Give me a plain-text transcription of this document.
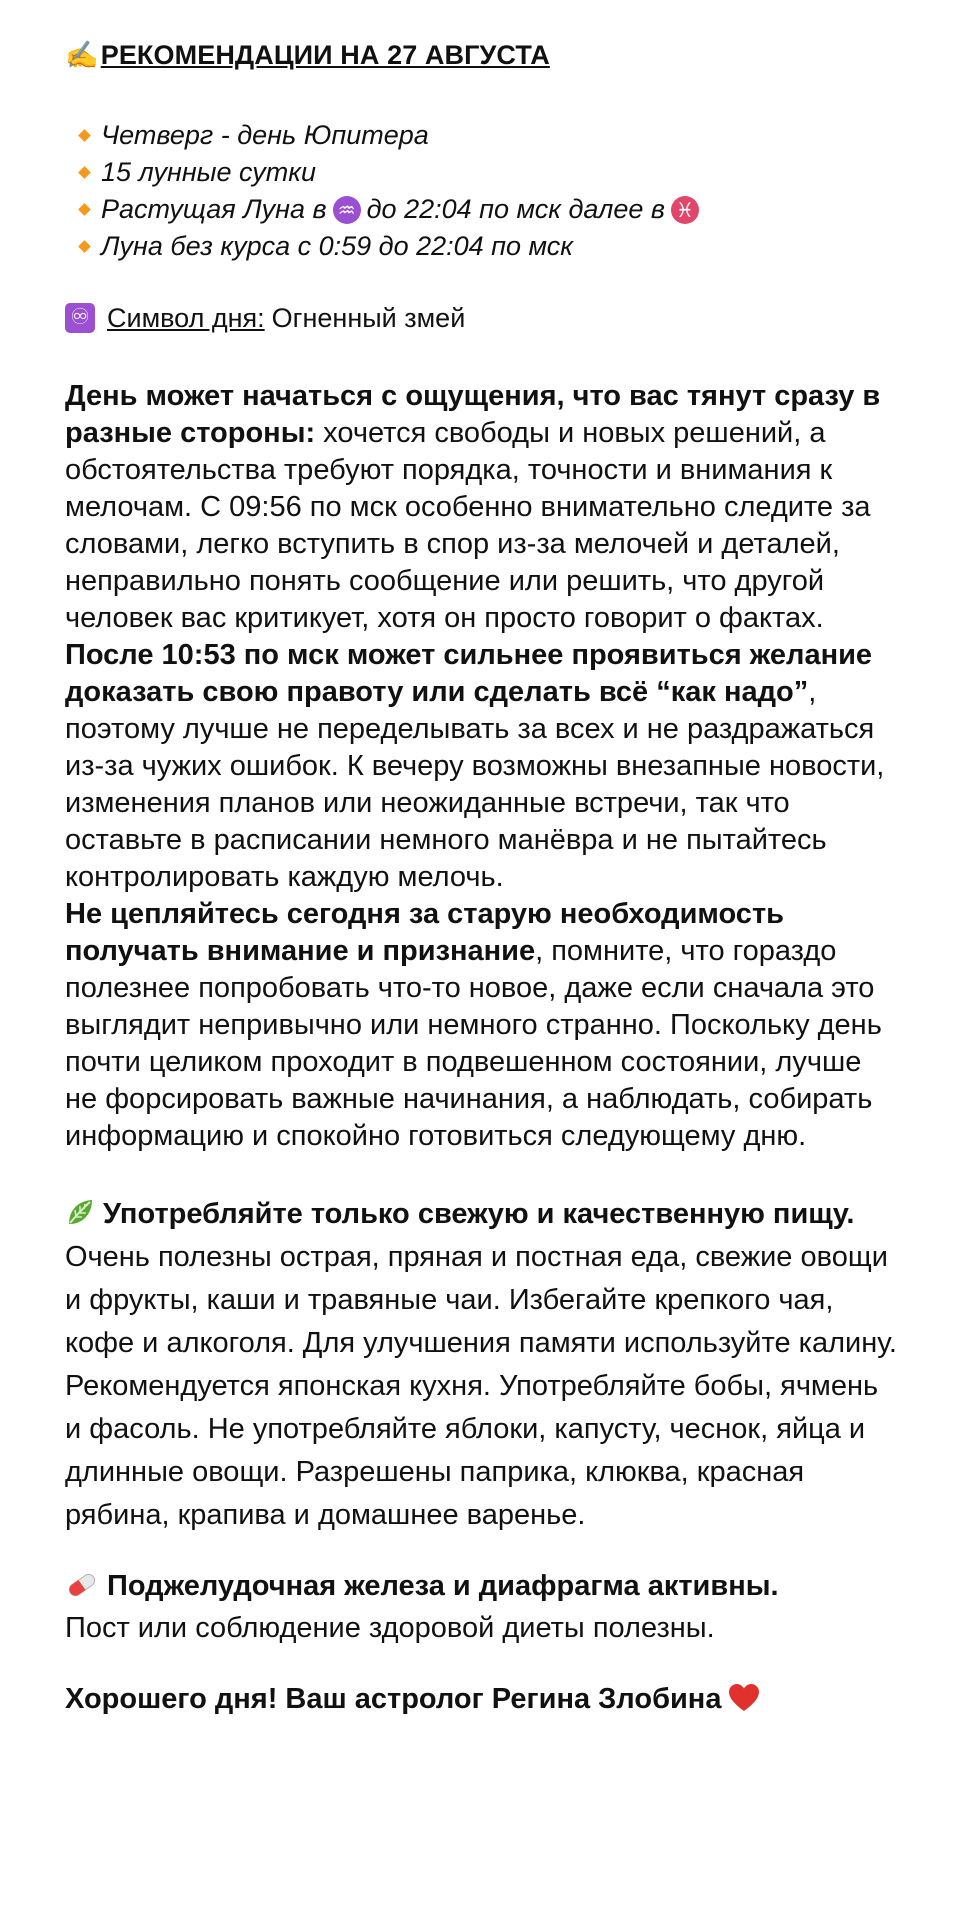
✍️РЕКОМЕНДАЦИИ НА 27 АВГУСТА
Четверг - день Юпитера
15 лунные сутки
Растущая Луна в ♒ до 22:04 по мск далее в ♓
Луна без курса с 0:59 до 22:04 по мск
♾ Символ дня: Огненный змей

День может начаться с ощущения, что вас тянут сразу в разные стороны: хочется свободы и новых решений, а обстоятельства требуют порядка, точности и внимания к мелочам. С 09:56 по мск особенно внимательно следите за словами, легко вступить в спор из-за мелочей и деталей, неправильно понять сообщение или решить, что другой человек вас критикует, хотя он просто говорит о фактах.

После 10:53 по мск может сильнее проявиться желание доказать свою правоту или сделать всё “как надо”, поэтому лучше не переделывать за всех и не раздражаться из-за чужих ошибок. К вечеру возможны внезапные новости, изменения планов или неожиданные встречи, так что оставьте в расписании немного манёвра и не пытайтесь контролировать каждую мелочь.

Не цепляйтесь сегодня за старую необходимость получать внимание и признание, помните, что гораздо полезнее попробовать что-то новое, даже если сначала это выглядит непривычно или немного странно. Поскольку день почти целиком проходит в подвешенном состоянии, лучше не форсировать важные начинания, а наблюдать, собирать информацию и спокойно готовиться следующему дню.

Употребляйте только свежую и качественную пищу. Очень полезны острая, пряная и постная еда, свежие овощи и фрукты, каши и травяные чаи. Избегайте крепкого чая, кофе и алкоголя. Для улучшения памяти используйте калину. Рекомендуется японская кухня. Употребляйте бобы, ячмень и фасоль. Не употребляйте яблоки, капусту, чеснок, яйца и длинные овощи. Разрешены паприка, клюква, красная рябина, крапива и домашнее варенье.

Поджелудочная железа и диафрагма активны.
Пост или соблюдение здоровой диеты полезны.
Хорошего дня! Ваш астролог Регина Злобина
